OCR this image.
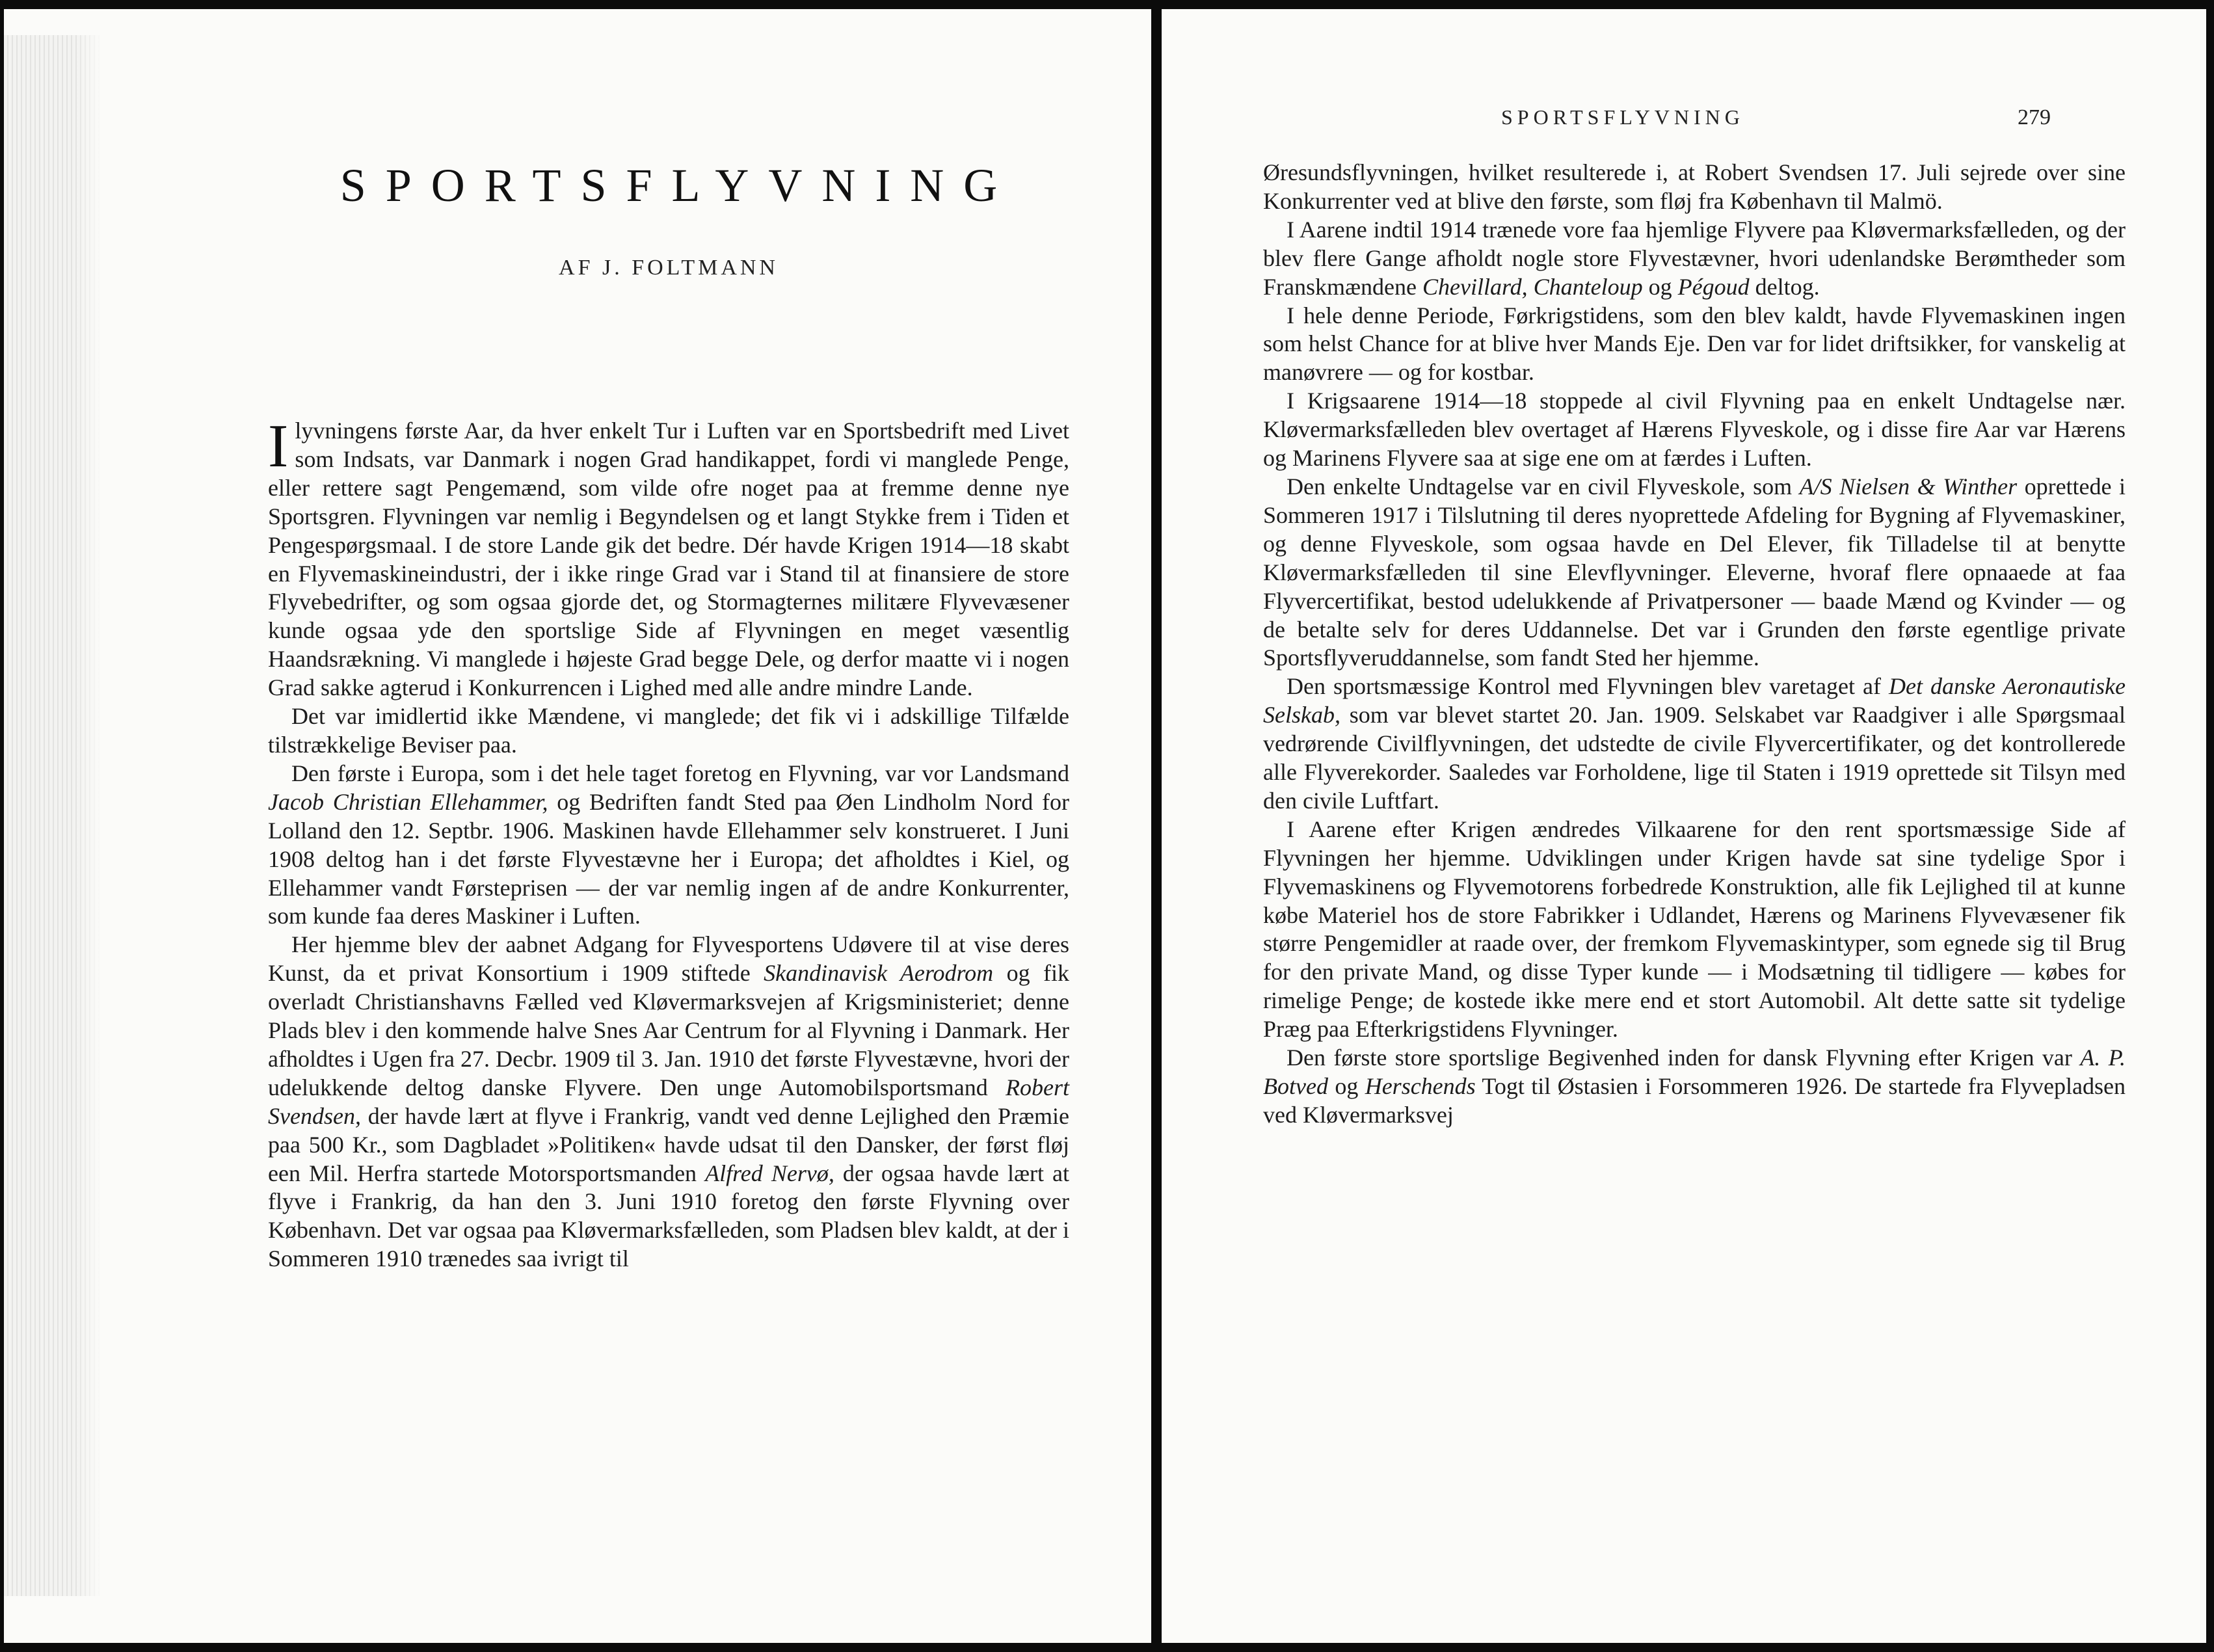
SPORTSFLYVNING
AF J. FOLTMANN

Ilyvningens første Aar, da hver enkelt Tur i Luften var en Sportsbedrift med Livet som Indsats, var Danmark i nogen Grad handikappet, fordi vi manglede Penge, eller rettere sagt Pengemænd, som vilde ofre noget paa at fremme denne nye Sportsgren. Flyvningen var nemlig i Begyndelsen og et langt Stykke frem i Tiden et Pengespørgsmaal. I de store Lande gik det bedre. Dér havde Krigen 1914—18 skabt en Flyvemaskineindustri, der i ikke ringe Grad var i Stand til at finansiere de store Flyvebedrifter, og som ogsaa gjorde det, og Stormagternes militære Flyvevæsener kunde ogsaa yde den sportslige Side af Flyvningen en meget væsentlig Haandsrækning. Vi manglede i højeste Grad begge Dele, og derfor maatte vi i nogen Grad sakke agterud i Konkurrencen i Lighed med alle andre mindre Lande.

Det var imidlertid ikke Mændene, vi manglede; det fik vi i adskillige Tilfælde tilstrækkelige Beviser paa.

Den første i Europa, som i det hele taget foretog en Flyvning, var vor Landsmand Jacob Christian Ellehammer, og Bedriften fandt Sted paa Øen Lindholm Nord for Lolland den 12. Septbr. 1906. Maskinen havde Ellehammer selv konstrueret. I Juni 1908 deltog han i det første Flyvestævne her i Europa; det afholdtes i Kiel, og Ellehammer vandt Førsteprisen — der var nemlig ingen af de andre Konkurrenter, som kunde faa deres Maskiner i Luften.

Her hjemme blev der aabnet Adgang for Flyvesportens Udøvere til at vise deres Kunst, da et privat Konsortium i 1909 stiftede Skandinavisk Aerodrom og fik overladt Christianshavns Fælled ved Kløvermarksvejen af Krigsministeriet; denne Plads blev i den kommende halve Snes Aar Centrum for al Flyvning i Danmark. Her afholdtes i Ugen fra 27. Decbr. 1909 til 3. Jan. 1910 det første Flyvestævne, hvori der udelukkende deltog danske Flyvere. Den unge Automobilsportsmand Robert Svendsen, der havde lært at flyve i Frankrig, vandt ved denne Lejlighed den Præmie paa 500 Kr., som Dagbladet »Politiken« havde udsat til den Dansker, der først fløj een Mil. Herfra startede Motorsportsmanden Alfred Nervø, der ogsaa havde lært at flyve i Frankrig, da han den 3. Juni 1910 foretog den første Flyvning over København. Det var ogsaa paa Kløvermarksfælleden, som Pladsen blev kaldt, at der i Sommeren 1910 trænedes saa ivrigt til

SPORTSFLYVNING	279

Øresundsflyvningen, hvilket resulterede i, at Robert Svendsen 17. Juli sejrede over sine Konkurrenter ved at blive den første, som fløj fra København til Malmö.

I Aarene indtil 1914 trænede vore faa hjemlige Flyvere paa Kløvermarksfælleden, og der blev flere Gange afholdt nogle store Flyvestævner, hvori udenlandske Berømtheder som Franskmændene Chevillard, Chanteloup og Pégoud deltog.

I hele denne Periode, Førkrigstidens, som den blev kaldt, havde Flyvemaskinen ingen som helst Chance for at blive hver Mands Eje. Den var for lidet driftsikker, for vanskelig at manøvrere — og for kostbar.

I Krigsaarene 1914—18 stoppede al civil Flyvning paa en enkelt Undtagelse nær. Kløvermarksfælleden blev overtaget af Hærens Flyveskole, og i disse fire Aar var Hærens og Marinens Flyvere saa at sige ene om at færdes i Luften.

Den enkelte Undtagelse var en civil Flyveskole, som A/S Nielsen & Winther oprettede i Sommeren 1917 i Tilslutning til deres nyoprettede Afdeling for Bygning af Flyvemaskiner, og denne Flyveskole, som ogsaa havde en Del Elever, fik Tilladelse til at benytte Kløvermarksfælleden til sine Elevflyvninger. Eleverne, hvoraf flere opnaaede at faa Flyvercertifikat, bestod udelukkende af Privatpersoner — baade Mænd og Kvinder — og de betalte selv for deres Uddannelse. Det var i Grunden den første egentlige private Sportsflyveruddannelse, som fandt Sted her hjemme.

Den sportsmæssige Kontrol med Flyvningen blev varetaget af Det danske Aeronautiske Selskab, som var blevet startet 20. Jan. 1909. Selskabet var Raadgiver i alle Spørgsmaal vedrørende Civilflyvningen, det udstedte de civile Flyvercertifikater, og det kontrollerede alle Flyverekorder. Saaledes var Forholdene, lige til Staten i 1919 oprettede sit Tilsyn med den civile Luftfart.

I Aarene efter Krigen ændredes Vilkaarene for den rent sportsmæssige Side af Flyvningen her hjemme. Udviklingen under Krigen havde sat sine tydelige Spor i Flyvemaskinens og Flyvemotorens forbedrede Konstruktion, alle fik Lejlighed til at kunne købe Materiel hos de store Fabrikker i Udlandet, Hærens og Marinens Flyvevæsener fik større Pengemidler at raade over, der fremkom Flyvemaskintyper, som egnede sig til Brug for den private Mand, og disse Typer kunde — i Modsætning til tidligere — købes for rimelige Penge; de kostede ikke mere end et stort Automobil. Alt dette satte sit tydelige Præg paa Efterkrigstidens Flyvninger.

Den første store sportslige Begivenhed inden for dansk Flyvning efter Krigen var A. P. Botved og Herschends Togt til Østasien i Forsommeren 1926. De startede fra Flyvepladsen ved Kløvermarksvej
